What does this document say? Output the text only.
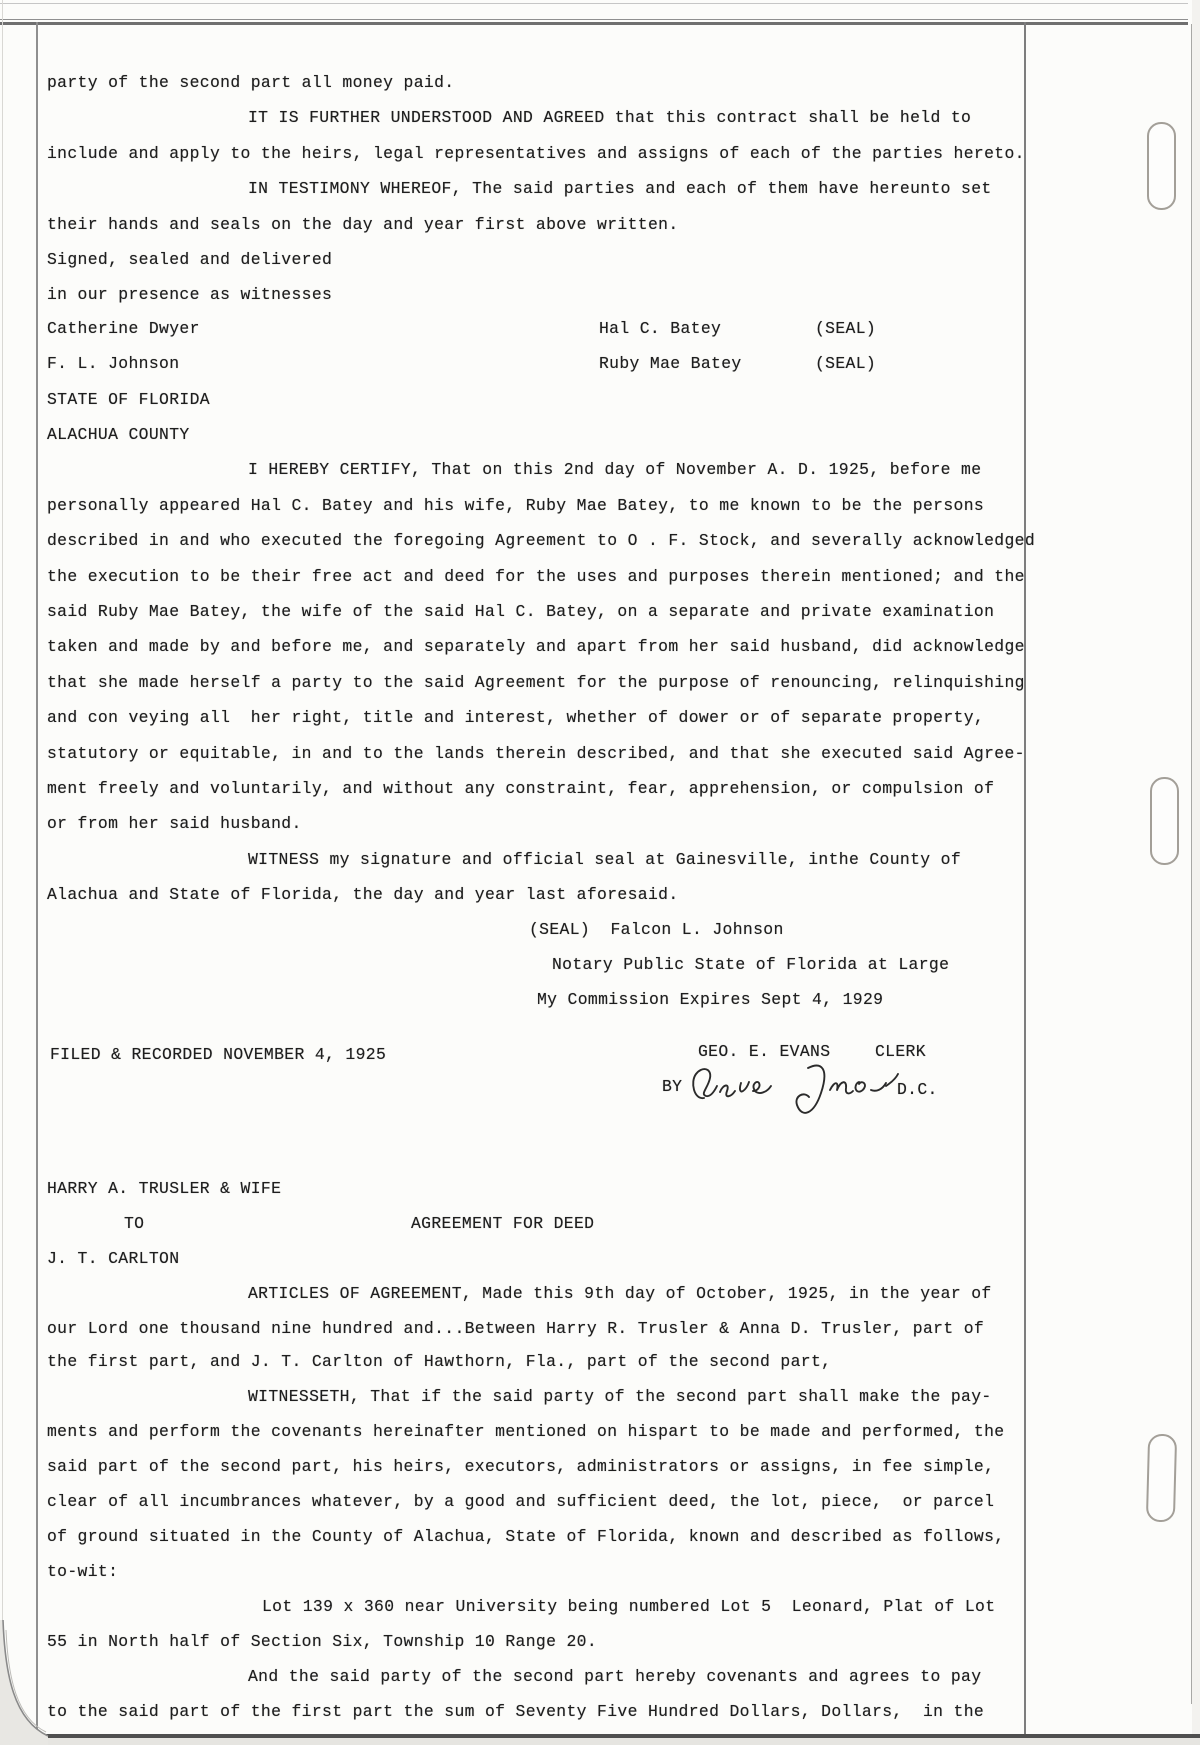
party of the second part all money paid.
IT IS FURTHER UNDERSTOOD AND AGREED that this contract shall be held to
include and apply to the heirs, legal representatives and assigns of each of the parties hereto.
IN TESTIMONY WHEREOF, The said parties and each of them have hereunto set
their hands and seals on the day and year first above written.
Signed, sealed and delivered
in our presence as witnesses
Catherine Dwyer	Hal C. Batey	(SEAL)
F. L. Johnson	Ruby Mae Batey	(SEAL)
STATE OF FLORIDA
ALACHUA COUNTY
I HEREBY CERTIFY, That on this 2nd day of November A. D. 1925, before me
personally appeared Hal C. Batey and his wife, Ruby Mae Batey, to me known to be the persons
described in and who executed the foregoing Agreement to O . F. Stock, and severally acknowledged
the execution to be their free act and deed for the uses and purposes therein mentioned; and the
said Ruby Mae Batey, the wife of the said Hal C. Batey, on a separate and private examination
taken and made by and before me, and separately and apart from her said husband, did acknowledge
that she made herself a party to the said Agreement for the purpose of renouncing, relinquishing
and con veying all  her right, title and interest, whether of dower or of separate property,
statutory or equitable, in and to the lands therein described, and that she executed said Agree-
ment freely and voluntarily, and without any constraint, fear, apprehension, or compulsion of
or from her said husband.
WITNESS my signature and official seal at Gainesville, inthe County of
Alachua and State of Florida, the day and year last aforesaid.
(SEAL)  Falcon L. Johnson
Notary Public State of Florida at Large
My Commission Expires Sept 4, 1929
FILED & RECORDED NOVEMBER 4, 1925	GEO. E. EVANS	CLERK
BY	D.C.
HARRY A. TRUSLER & WIFE
TO	AGREEMENT FOR DEED
J. T. CARLTON
ARTICLES OF AGREEMENT, Made this 9th day of October, 1925, in the year of
our Lord one thousand nine hundred and...Between Harry R. Trusler & Anna D. Trusler, part of
the first part, and J. T. Carlton of Hawthorn, Fla., part of the second part,
WITNESSETH, That if the said party of the second part shall make the pay-
ments and perform the covenants hereinafter mentioned on hispart to be made and performed, the
said part of the second part, his heirs, executors, administrators or assigns, in fee simple,
clear of all incumbrances whatever, by a good and sufficient deed, the lot, piece,  or parcel
of ground situated in the County of Alachua, State of Florida, known and described as follows,
to-wit:
Lot 139 x 360 near University being numbered Lot 5  Leonard, Plat of Lot
55 in North half of Section Six, Township 10 Range 20.
And the said party of the second part hereby covenants and agrees to pay
to the said part of the first part the sum of Seventy Five Hundred Dollars, Dollars,  in the
